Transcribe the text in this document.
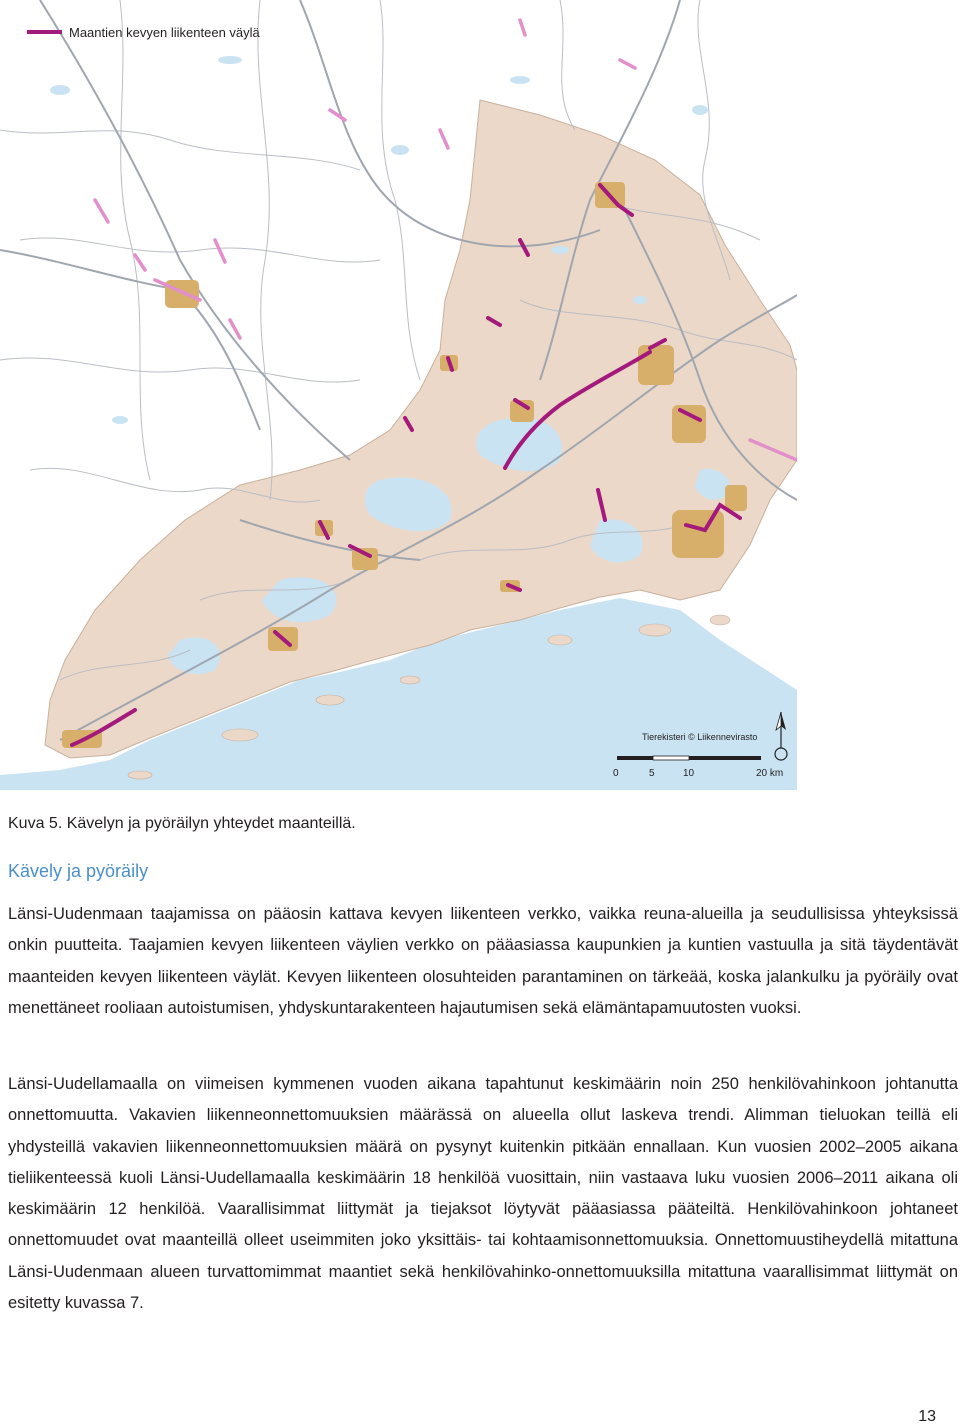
Maantien kevyen liikenteen väylä
Tierekisteri © Liikennevirasto
0	5	10	20 km
Kuva 5. Kävelyn ja pyöräilyn yhteydet maanteillä.
Kävely ja pyöräily

Länsi-Uudenmaan taajamissa on pääosin kattava kevyen liikenteen verkko, vaikka reuna-alueilla ja seudullisissa yhteyksissä onkin puutteita. Taajamien kevyen liikenteen väylien verkko on pääasiassa kaupunkien ja kuntien vastuulla ja sitä täydentävät maanteiden kevyen liikenteen väylät. Kevyen liikenteen olosuhteiden parantaminen on tärkeää, koska jalankulku ja pyöräily ovat menettäneet rooliaan autoistumisen, yhdyskuntarakenteen hajautumisen sekä elämäntapamuutosten vuoksi.

Länsi-Uudellamaalla on viimeisen kymmenen vuoden aikana tapahtunut keskimäärin noin 250 henkilövahinkoon johtanutta onnettomuutta. Vakavien liikenneonnettomuuksien määrässä on alueella ollut laskeva trendi. Alimman tieluokan teillä eli yhdysteillä vakavien liikenneonnettomuuksien määrä on pysynyt kuitenkin pitkään ennallaan. Kun vuosien 2002–2005 aikana tieliikenteessä kuoli Länsi-Uudellamaalla keskimäärin 18 henkilöä vuosittain, niin vastaava luku vuosien 2006–2011 aikana oli keskimäärin 12 henkilöä. Vaarallisimmat liittymät ja tiejaksot löytyvät pääasiassa pääteiltä. Henkilövahinkoon johtaneet onnettomuudet ovat maanteillä olleet useimmiten joko yksittäis- tai kohtaamisonnettomuuksia. Onnettomuustiheydellä mitattuna Länsi-Uudenmaan alueen turvattomimmat maantiet sekä henkilövahinko-onnettomuuksilla mitattuna vaarallisimmat liittymät on esitetty kuvassa 7.

13
